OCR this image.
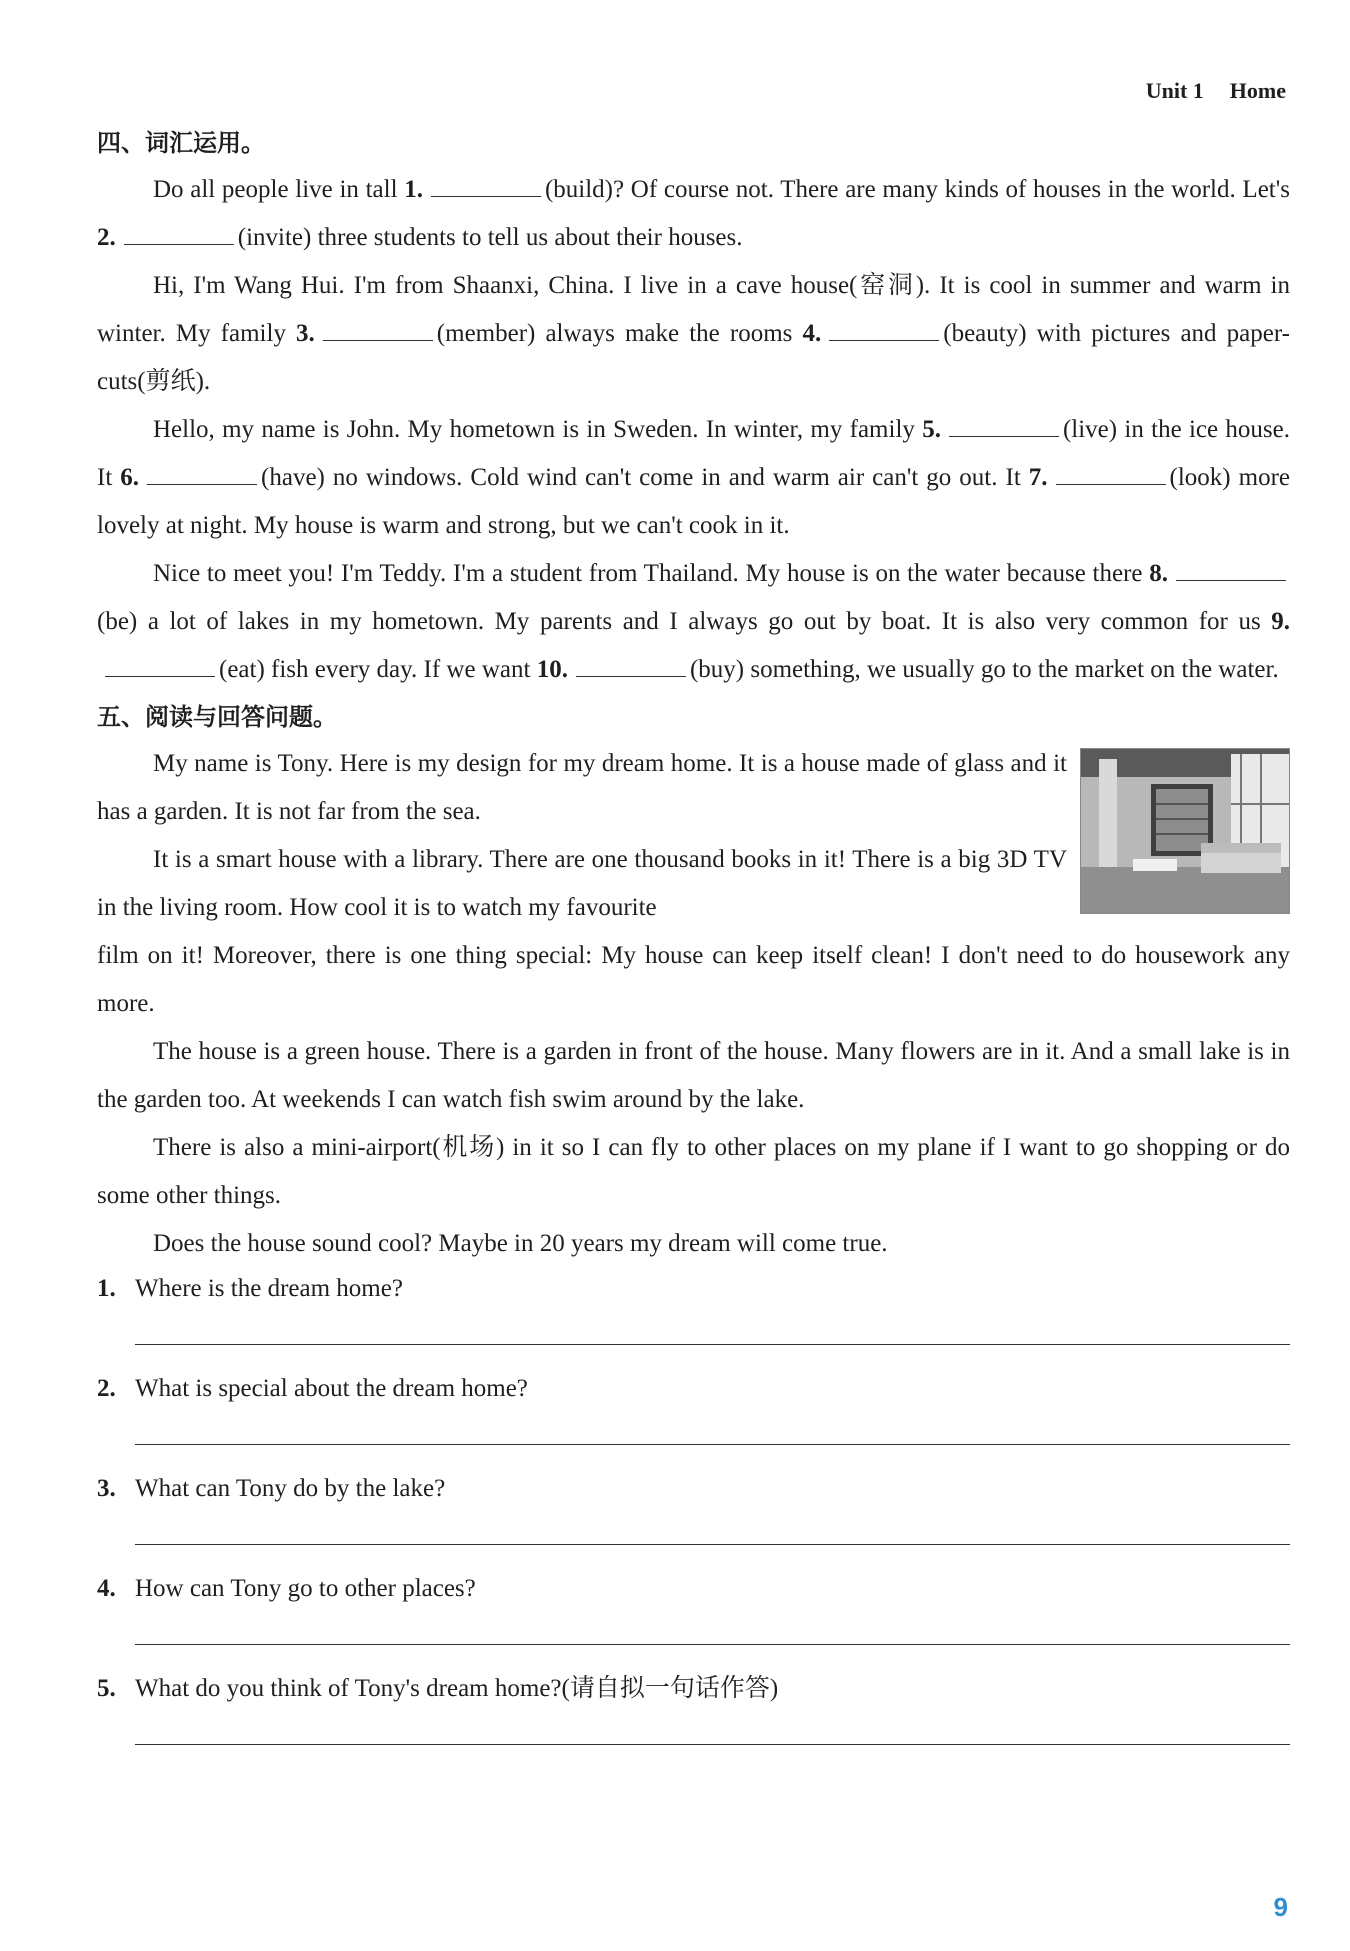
Unit 1 Home

四、词汇运用。

Do all people live in tall 1.	(build)? Of course not. There are many kinds of houses in the world. Let's 2.	(invite) three students to tell us about their houses.

Hi, I'm Wang Hui. I'm from Shaanxi, China. I live in a cave house(窑洞). It is cool in summer and warm in winter. My family 3.	(member) always make the rooms 4.	(beauty) with pictures and paper-cuts(剪纸).

Hello, my name is John. My hometown is in Sweden. In winter, my family 5.	(live) in the ice house. It 6.	(have) no windows. Cold wind can't come in and warm air can't go out. It 7.	(look) more lovely at night. My house is warm and strong, but we can't cook in it.

Nice to meet you! I'm Teddy. I'm a student from Thailand. My house is on the water because there 8.(be) a lot of lakes in my hometown. My parents and I always go out by boat. It is also very common for us 9.(eat) fish every day. If we want 10.	(buy) something, we usually go to the market on the water.

五、阅读与回答问题。

My name is Tony. Here is my design for my dream home. It is a house made of glass and it has a garden. It is not far from the sea.

It is a smart house with a library. There are one thousand books in it! There is a big 3D TV in the living room. How cool it is to watch my favourite

film on it! Moreover, there is one thing special: My house can keep itself clean! I don't need to do housework any more.

The house is a green house. There is a garden in front of the house. Many flowers are in it. And a small lake is in the garden too. At weekends I can watch fish swim around by the lake.

There is also a mini-airport(机场) in it so I can fly to other places on my plane if I want to go shopping or do some other things.

Does the house sound cool? Maybe in 20 years my dream will come true.

1. Where is the dream home?

2. What is special about the dream home?

3. What can Tony do by the lake?

4. How can Tony go to other places?

5. What do you think of Tony's dream home?(请自拟一句话作答)

9
